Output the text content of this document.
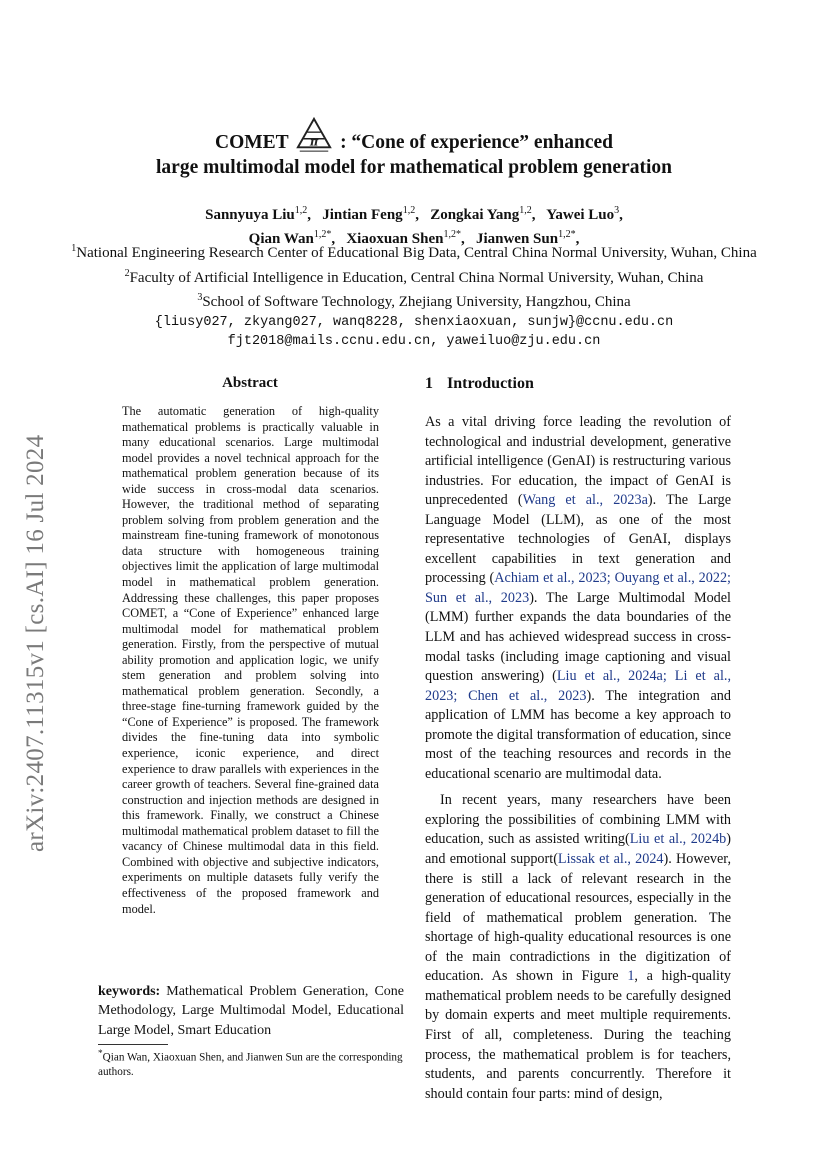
arXiv:2407.11315v1 [cs.AI] 16 Jul 2024
COMET π : “Cone of experience” enhanced
large multimodal model for mathematical problem generation
Sannyuya Liu$^{1,2}$,   Jintian Feng$^{1,2}$,   Zongkai Yang$^{1,2}$,   Yawei Luo$^3$,
Qian Wan$^{1,2*}$,   Xiaoxuan Shen$^{1,2*}$,   Jianwen Sun$^{1,2*}$,
$^1$National Engineering Research Center of Educational Big Data, Central China Normal University, Wuhan, China
$^2$Faculty of Artificial Intelligence in Education, Central China Normal University, Wuhan, China
$^3$School of Software Technology, Zhejiang University, Hangzhou, China
{liusy027, zkyang027, wanq8228, shenxiaoxuan, sunjw}@ccnu.edu.cn
fjt2018@mails.ccnu.edu.cn, yaweiluo@zju.edu.cn
Abstract
The automatic generation of high-quality mathematical problems is practically valuable in many educational scenarios. Large multimodal model provides a novel technical approach for the mathematical problem generation because of its wide success in cross-modal data scenarios. However, the traditional method of separating problem solving from problem generation and the mainstream fine-tuning framework of monotonous data structure with homogeneous training objectives limit the application of large multimodal model in mathematical problem generation. Addressing these challenges, this paper proposes COMET, a “Cone of Experience” enhanced large multimodal model for mathematical problem generation. Firstly, from the perspective of mutual ability promotion and application logic, we unify stem generation and problem solving into mathematical problem generation. Secondly, a three-stage fine-turning framework guided by the “Cone of Experience” is proposed. The framework divides the fine-tuning data into symbolic experience, iconic experience, and direct experience to draw parallels with experiences in the career growth of teachers. Several fine-grained data construction and injection methods are designed in this framework. Finally, we construct a Chinese multimodal mathematical problem dataset to fill the vacancy of Chinese multimodal data in this field. Combined with objective and subjective indicators, experiments on multiple datasets fully verify the effectiveness of the proposed framework and model.
keywords: Mathematical Problem Generation, Cone Methodology, Large Multimodal Model, Educational Large Model, Smart Education
*Qian Wan, Xiaoxuan Shen, and Jianwen Sun are the corresponding authors.
1 Introduction

As a vital driving force leading the revolution of technological and industrial development, generative artificial intelligence (GenAI) is restructuring various industries. For education, the impact of GenAI is unprecedented (Wang et al., 2023a). The Large Language Model (LLM), as one of the most representative technologies of GenAI, displays excellent capabilities in text generation and processing (Achiam et al., 2023; Ouyang et al., 2022; Sun et al., 2023). The Large Multimodal Model (LMM) further expands the data boundaries of the LLM and has achieved widespread success in cross-modal tasks (including image captioning and visual question answering) (Liu et al., 2024a; Li et al., 2023; Chen et al., 2023). The integration and application of LMM has become a key approach to promote the digital transformation of education, since most of the teaching resources and records in the educational scenario are multimodal data.

In recent years, many researchers have been exploring the possibilities of combining LMM with education, such as assisted writing(Liu et al., 2024b) and emotional support(Lissak et al., 2024). However, there is still a lack of relevant research in the generation of educational resources, especially in the field of mathematical problem generation. The shortage of high-quality educational resources is one of the main contradictions in the digitization of education. As shown in Figure 1, a high-quality mathematical problem needs to be carefully designed by domain experts and meet multiple requirements. First of all, completeness. During the teaching process, the mathematical problem is for teachers, students, and parents concurrently. Therefore it should contain four parts: mind of design,
